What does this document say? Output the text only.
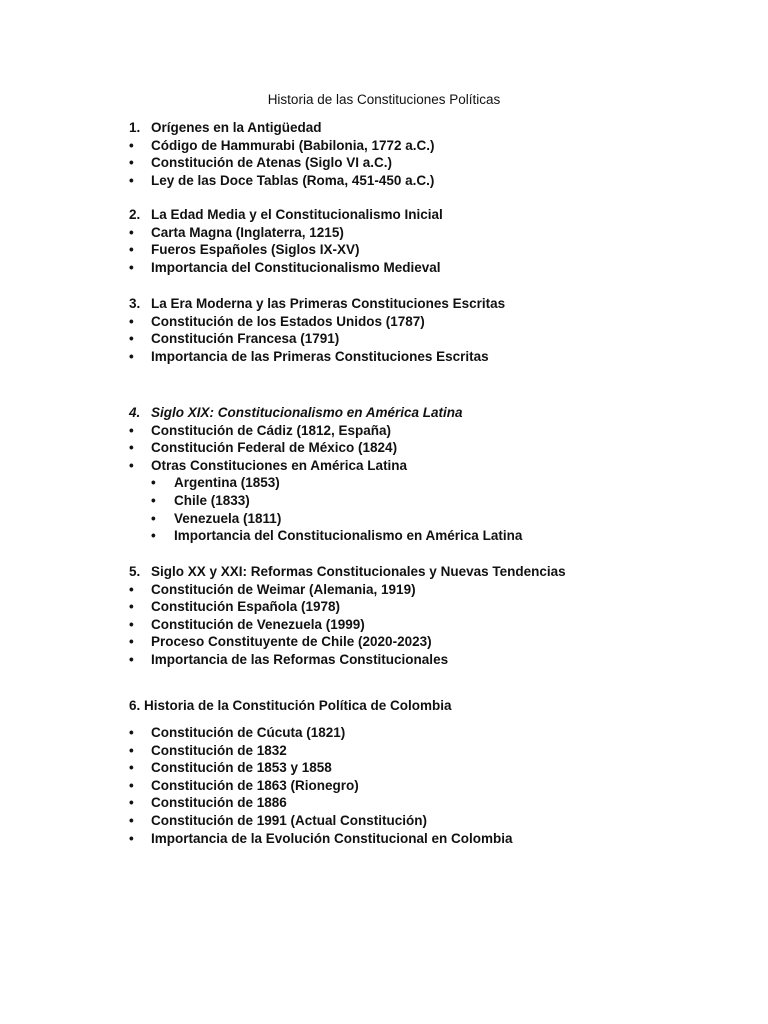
Historia de las Constituciones Políticas
1. Orígenes en la Antigüedad
• Código de Hammurabi (Babilonia, 1772 a.C.)
• Constitución de Atenas (Siglo VI a.C.)
• Ley de las Doce Tablas (Roma, 451-450 a.C.)
2. La Edad Media y el Constitucionalismo Inicial
• Carta Magna (Inglaterra, 1215)
• Fueros Españoles (Siglos IX-XV)
• Importancia del Constitucionalismo Medieval
3. La Era Moderna y las Primeras Constituciones Escritas
• Constitución de los Estados Unidos (1787)
• Constitución Francesa (1791)
• Importancia de las Primeras Constituciones Escritas
4. Siglo XIX: Constitucionalismo en América Latina
• Constitución de Cádiz (1812, España)
• Constitución Federal de México (1824)
• Otras Constituciones en América Latina
• Argentina (1853)
• Chile (1833)
• Venezuela (1811)
• Importancia del Constitucionalismo en América Latina
5. Siglo XX y XXI: Reformas Constitucionales y Nuevas Tendencias
• Constitución de Weimar (Alemania, 1919)
• Constitución Española (1978)
• Constitución de Venezuela (1999)
• Proceso Constituyente de Chile (2020-2023)
• Importancia de las Reformas Constitucionales
6. Historia de la Constitución Política de Colombia
• Constitución de Cúcuta (1821)
• Constitución de 1832
• Constitución de 1853 y 1858
• Constitución de 1863 (Rionegro)
• Constitución de 1886
• Constitución de 1991 (Actual Constitución)
• Importancia de la Evolución Constitucional en Colombia
